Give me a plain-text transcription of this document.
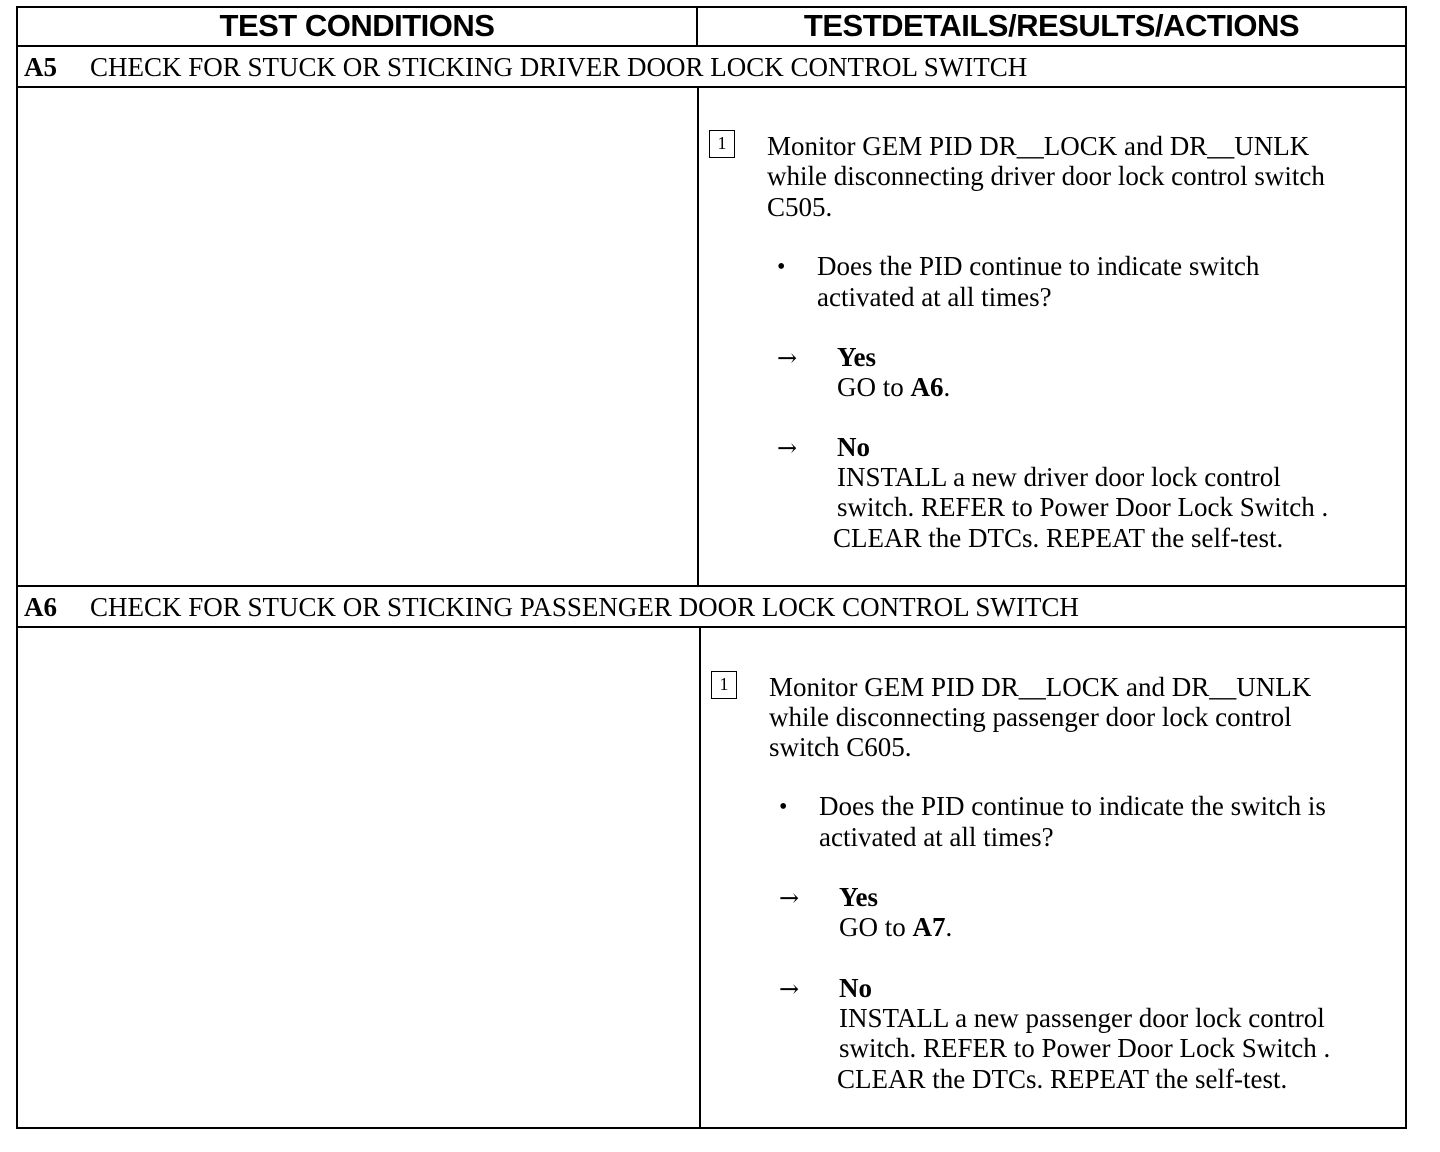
TEST CONDITIONS	TESTDETAILS/RESULTS/ACTIONS
A5 CHECK FOR STUCK OR STICKING DRIVER DOOR LOCK CONTROL SWITCH
1	Monitor GEM PID DR__LOCK and DR__UNLK
while disconnecting driver door lock control switch
C505.
• Does the PID continue to indicate switch
activated at all times?
→ Yes
GO to A6.
→ No
INSTALL a new driver door lock control
switch. REFER to Power Door Lock Switch .
CLEAR the DTCs. REPEAT the self-test.
A6 CHECK FOR STUCK OR STICKING PASSENGER DOOR LOCK CONTROL SWITCH
1	Monitor GEM PID DR__LOCK and DR__UNLK
while disconnecting passenger door lock control
switch C605.
• Does the PID continue to indicate the switch is
activated at all times?
→ Yes
GO to A7.
→ No
INSTALL a new passenger door lock control
switch. REFER to Power Door Lock Switch .
CLEAR the DTCs. REPEAT the self-test.
